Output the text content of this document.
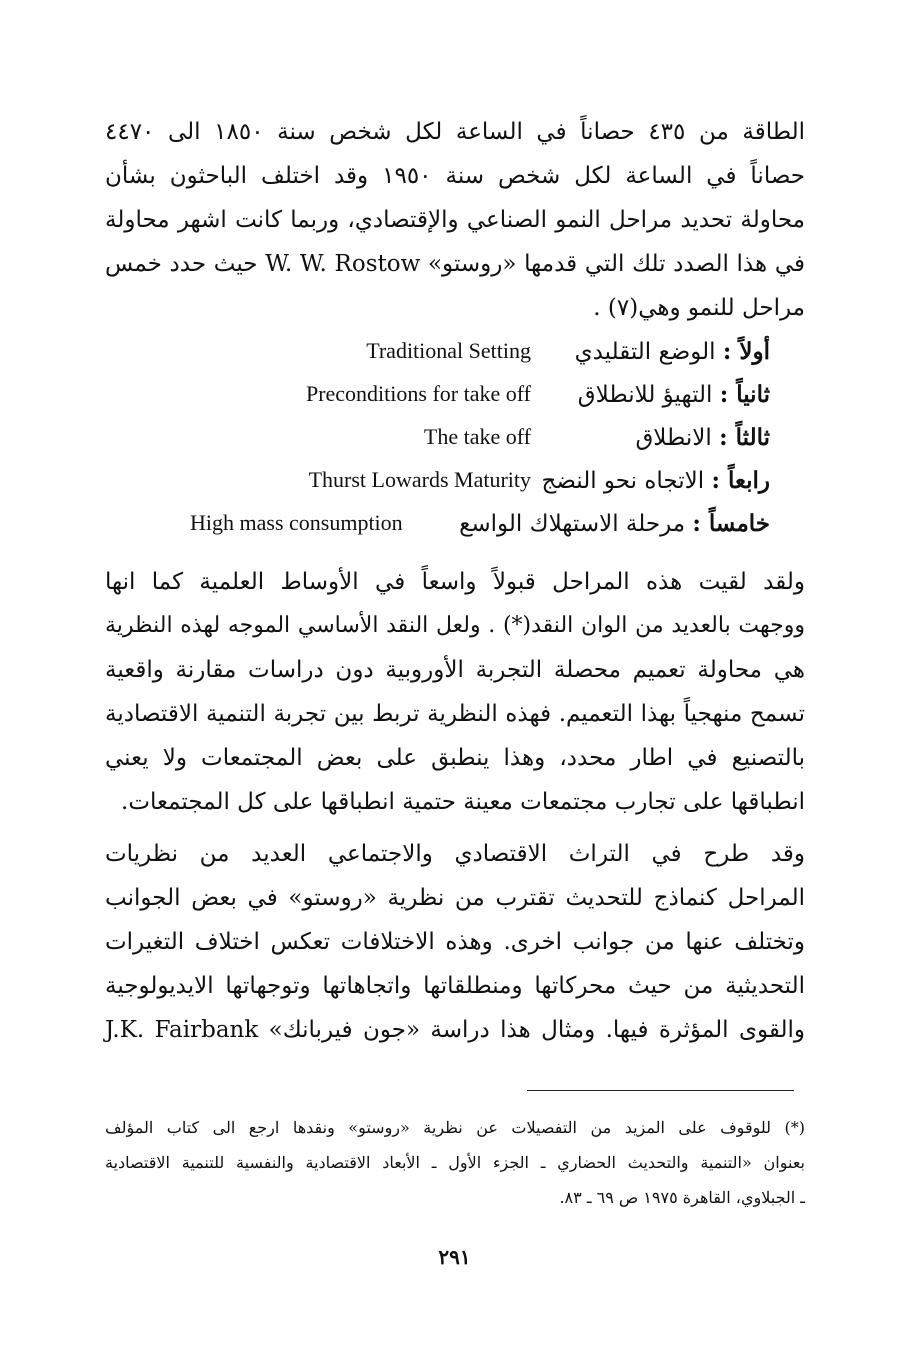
الطاقة من ٤٣٥ حصاناً في الساعة لكل شخص سنة ١٨٥٠ الى ٤٤٧٠
حصاناً في الساعة لكل شخص سنة ١٩٥٠ وقد اختلف الباحثون بشأن
محاولة تحديد مراحل النمو الصناعي والإقتصادي، وربما كانت اشهر محاولة
في هذا الصدد تلك التي قدمها «روستو» W. W. Rostow حيث حدد خمس
مراحل للنمو وهي(٧) .
Traditional Setting	أولاً : الوضع التقليدي
Preconditions for take off	ثانياً : التهيؤ للانطلاق
The take off	ثالثاً : الانطلاق
Thurst Lowards Maturity	رابعاً : الاتجاه نحو النضج
High mass consumption	خامساً : مرحلة الاستهلاك الواسع
ولقد لقيت هذه المراحل قبولاً واسعاً في الأوساط العلمية كما انها
ووجهت بالعديد من الوان النقد(*) . ولعل النقد الأساسي الموجه لهذه النظرية
هي محاولة تعميم محصلة التجربة الأوروبية دون دراسات مقارنة واقعية
تسمح منهجياً بهذا التعميم. فهذه النظرية تربط بين تجربة التنمية الاقتصادية
بالتصنيع في اطار محدد، وهذا ينطبق على بعض المجتمعات ولا يعني
انطباقها على تجارب مجتمعات معينة حتمية انطباقها على كل المجتمعات.
وقد طرح في التراث الاقتصادي والاجتماعي العديد من نظريات
المراحل كنماذج للتحديث تقترب من نظرية «روستو» في بعض الجوانب
وتختلف عنها من جوانب اخرى. وهذه الاختلافات تعكس اختلاف التغيرات
التحديثية من حيث محركاتها ومنطلقاتها واتجاهاتها وتوجهاتها الايديولوجية
والقوى المؤثرة فيها. ومثال هذا دراسة «جون فيربانك» J.K. Fairbank
(*) للوقوف على المزيد من التفصيلات عن نظرية «روستو» ونقدها ارجع الى كتاب المؤلف
بعنوان «التنمية والتحديث الحضاري ـ الجزء الأول ـ الأبعاد الاقتصادية والنفسية للتنمية الاقتصادية
ـ الجبلاوي، القاهرة ١٩٧٥ ص ٦٩ ـ ٨٣.
٢٩١
